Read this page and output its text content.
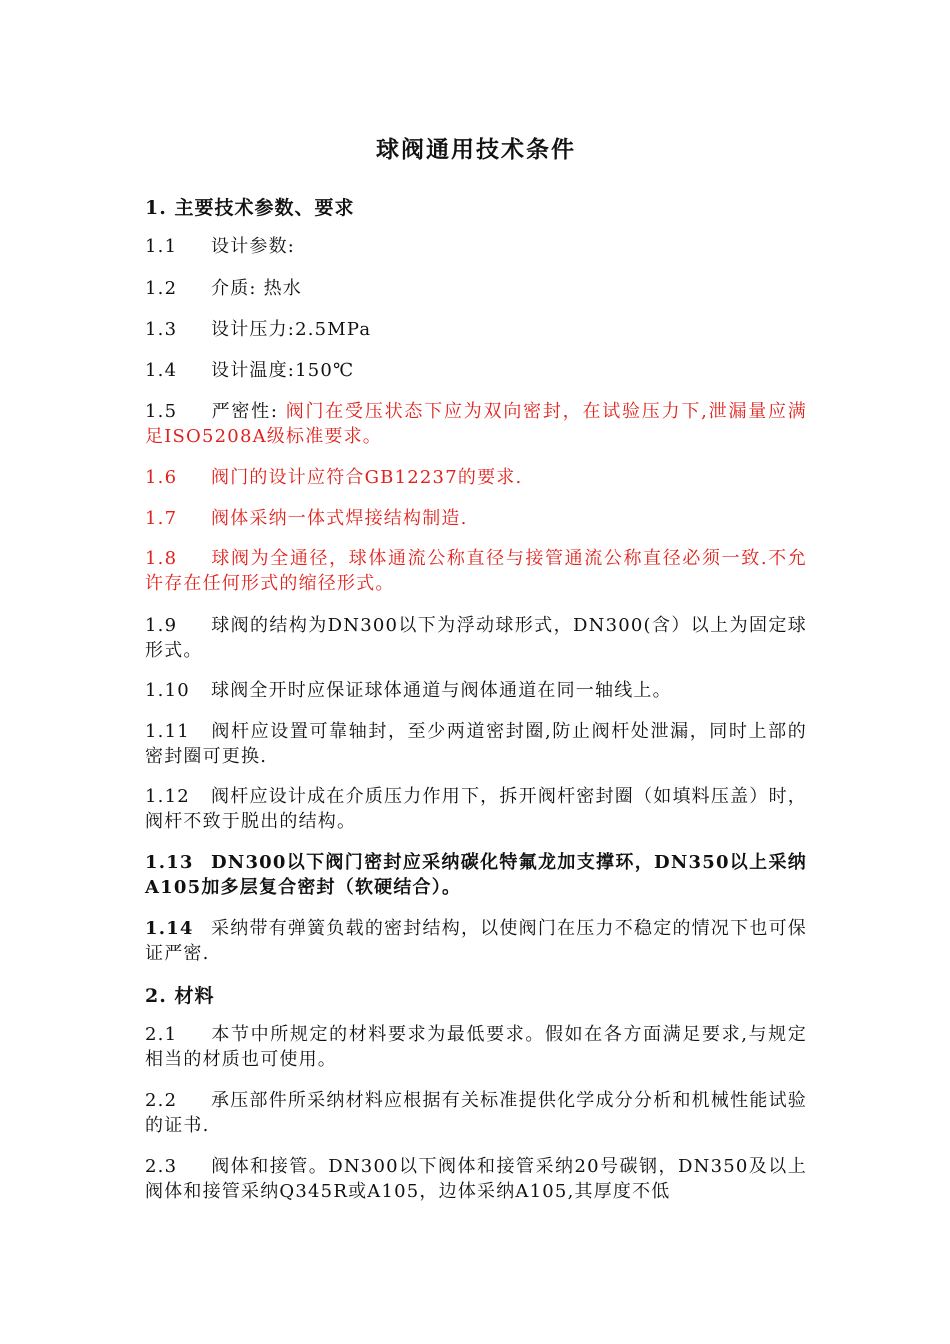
球阀通用技术条件
1. 主要技术参数、要求
1.1 设计参数:
1.2 介质: 热水
1.3 设计压力:2.5MPa
1.4 设计温度:150℃
1.5 严密性: 阀门在受压状态下应为双向密封，在试验压力下,泄漏量应满足ISO5208A级标准要求。
1.6 阀门的设计应符合GB12237的要求.
1.7 阀体采纳一体式焊接结构制造.
1.8 球阀为全通径，球体通流公称直径与接管通流公称直径必须一致.不允许存在任何形式的缩径形式。
1.9 球阀的结构为DN300以下为浮动球形式，DN300(含）以上为固定球形式。
1.10 球阀全开时应保证球体通道与阀体通道在同一轴线上。
1.11 阀杆应设置可靠轴封，至少两道密封圈,防止阀杆处泄漏，同时上部的密封圈可更换.
1.12 阀杆应设计成在介质压力作用下，拆开阀杆密封圈（如填料压盖）时，阀杆不致于脱出的结构。
1.13 DN300以下阀门密封应采纳碳化特氟龙加支撑环，DN350以上采纳A105加多层复合密封（软硬结合）。
1.14 采纳带有弹簧负载的密封结构，以使阀门在压力不稳定的情况下也可保证严密.
2. 材料
2.1 本节中所规定的材料要求为最低要求。假如在各方面满足要求,与规定相当的材质也可使用。
2.2 承压部件所采纳材料应根据有关标准提供化学成分分析和机械性能试验的证书.
2.3 阀体和接管。DN300以下阀体和接管采纳20号碳钢，DN350及以上阀体和接管采纳Q345R或A105，边体采纳A105,其厚度不低
